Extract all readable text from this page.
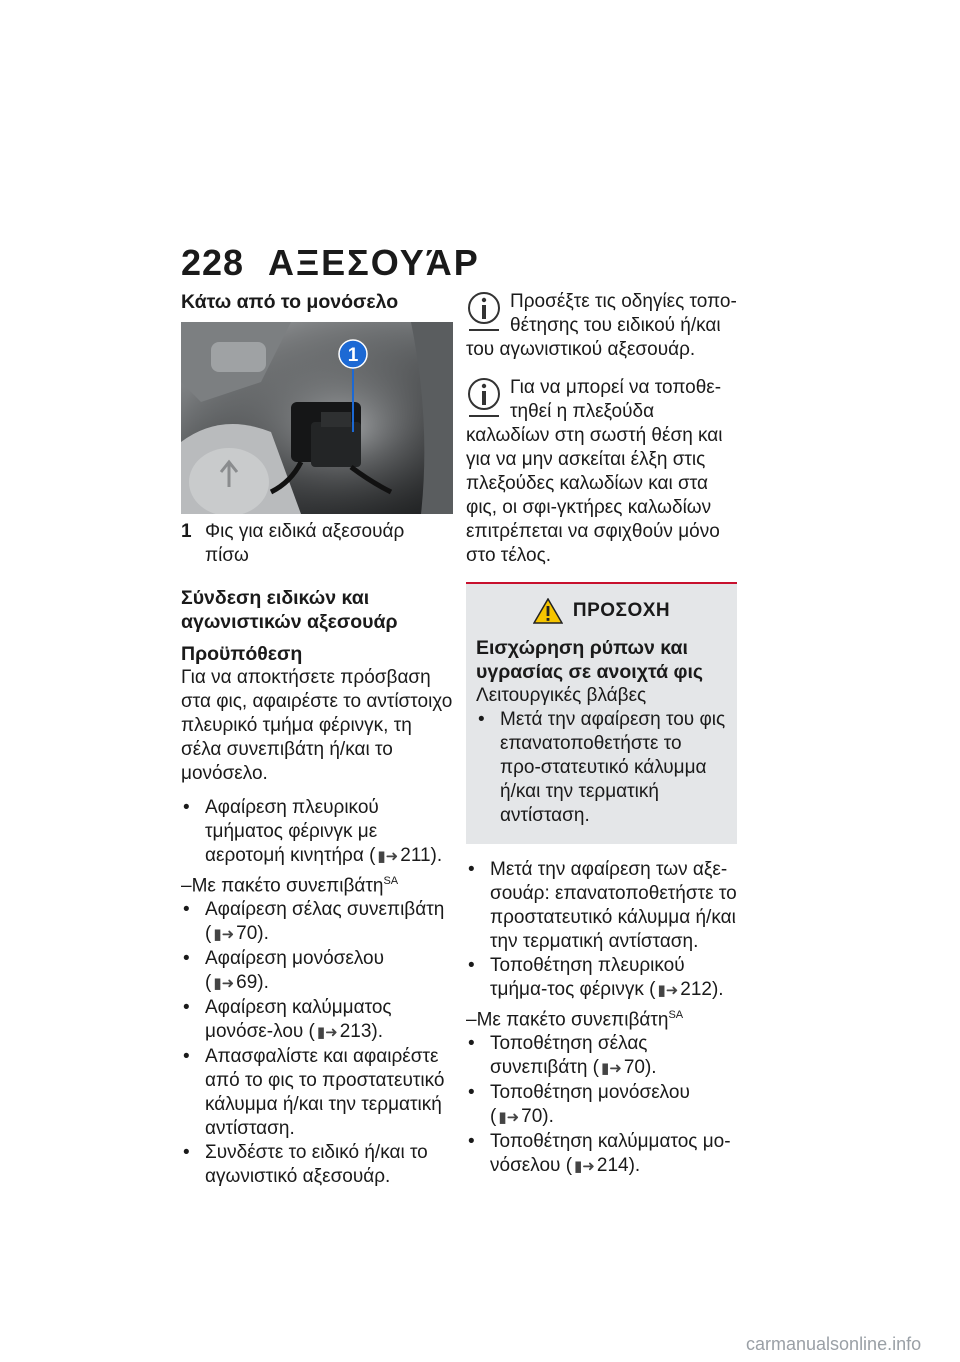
228 ΑΞΕΣΟΥΆΡ
Κάτω από το μονόσελο
1
1 Φις για ειδικά αξεσουάρ πίσω
Σύνδεση ειδικών και αγωνιστικών αξεσουάρ
Προϋπόθεση

Για να αποκτήσετε πρόσβαση στα φις, αφαιρέστε το αντίστοιχο πλευρικό τμήμα φέρινγκ, τη σέλα συνεπιβάτη ή/και το μονόσελο.

• Αφαίρεση πλευρικού τμήματος φέρινγκ με αεροτομή κινητήρα ( ▮➜ 211).
–Με πακέτο συνεπιβάτη$^{SA}$
• Αφαίρεση σέλας συνεπιβάτη ( ▮➜ 70).
• Αφαίρεση μονόσελου ( ▮➜ 69).
• Αφαίρεση καλύμματος μονόσε-λου ( ▮➜ 213).
• Απασφαλίστε και αφαιρέστε από το φις το προστατευτικό κάλυμμα ή/και την τερματική αντίσταση.
• Συνδέστε το ειδικό ή/και το αγωνιστικό αξεσουάρ.
Προσέξτε τις οδηγίες τοπο-θέτησης του ειδικού ή/και του αγωνιστικού αξεσουάρ.
Για να μπορεί να τοποθε-τηθεί η πλεξούδα καλωδίων στη σωστή θέση και για να μην ασκείται έλξη στις πλεξούδες καλωδίων και στα φις, οι σφι-γκτήρες καλωδίων επιτρέπεται να σφιχθούν μόνο στο τέλος.
ΠΡΟΣΟΧΗ
Εισχώρηση ρύπων και υγρασίας σε ανοιχτά φις
Λειτουργικές βλάβες
• Μετά την αφαίρεση του φις επανατοποθετήστε το προ-στατευτικό κάλυμμα ή/και την τερματική αντίσταση.
• Μετά την αφαίρεση των αξε-σουάρ: επανατοποθετήστε το προστατευτικό κάλυμμα ή/και την τερματική αντίσταση.
• Τοποθέτηση πλευρικού τμήμα-τος φέρινγκ ( ▮➜ 212).
–Με πακέτο συνεπιβάτη$^{SA}$
• Τοποθέτηση σέλας συνεπιβάτη ( ▮➜ 70).
• Τοποθέτηση μονόσελου ( ▮➜ 70).
• Τοποθέτηση καλύμματος μο-νόσελου ( ▮➜ 214).
carmanualsonline.info
